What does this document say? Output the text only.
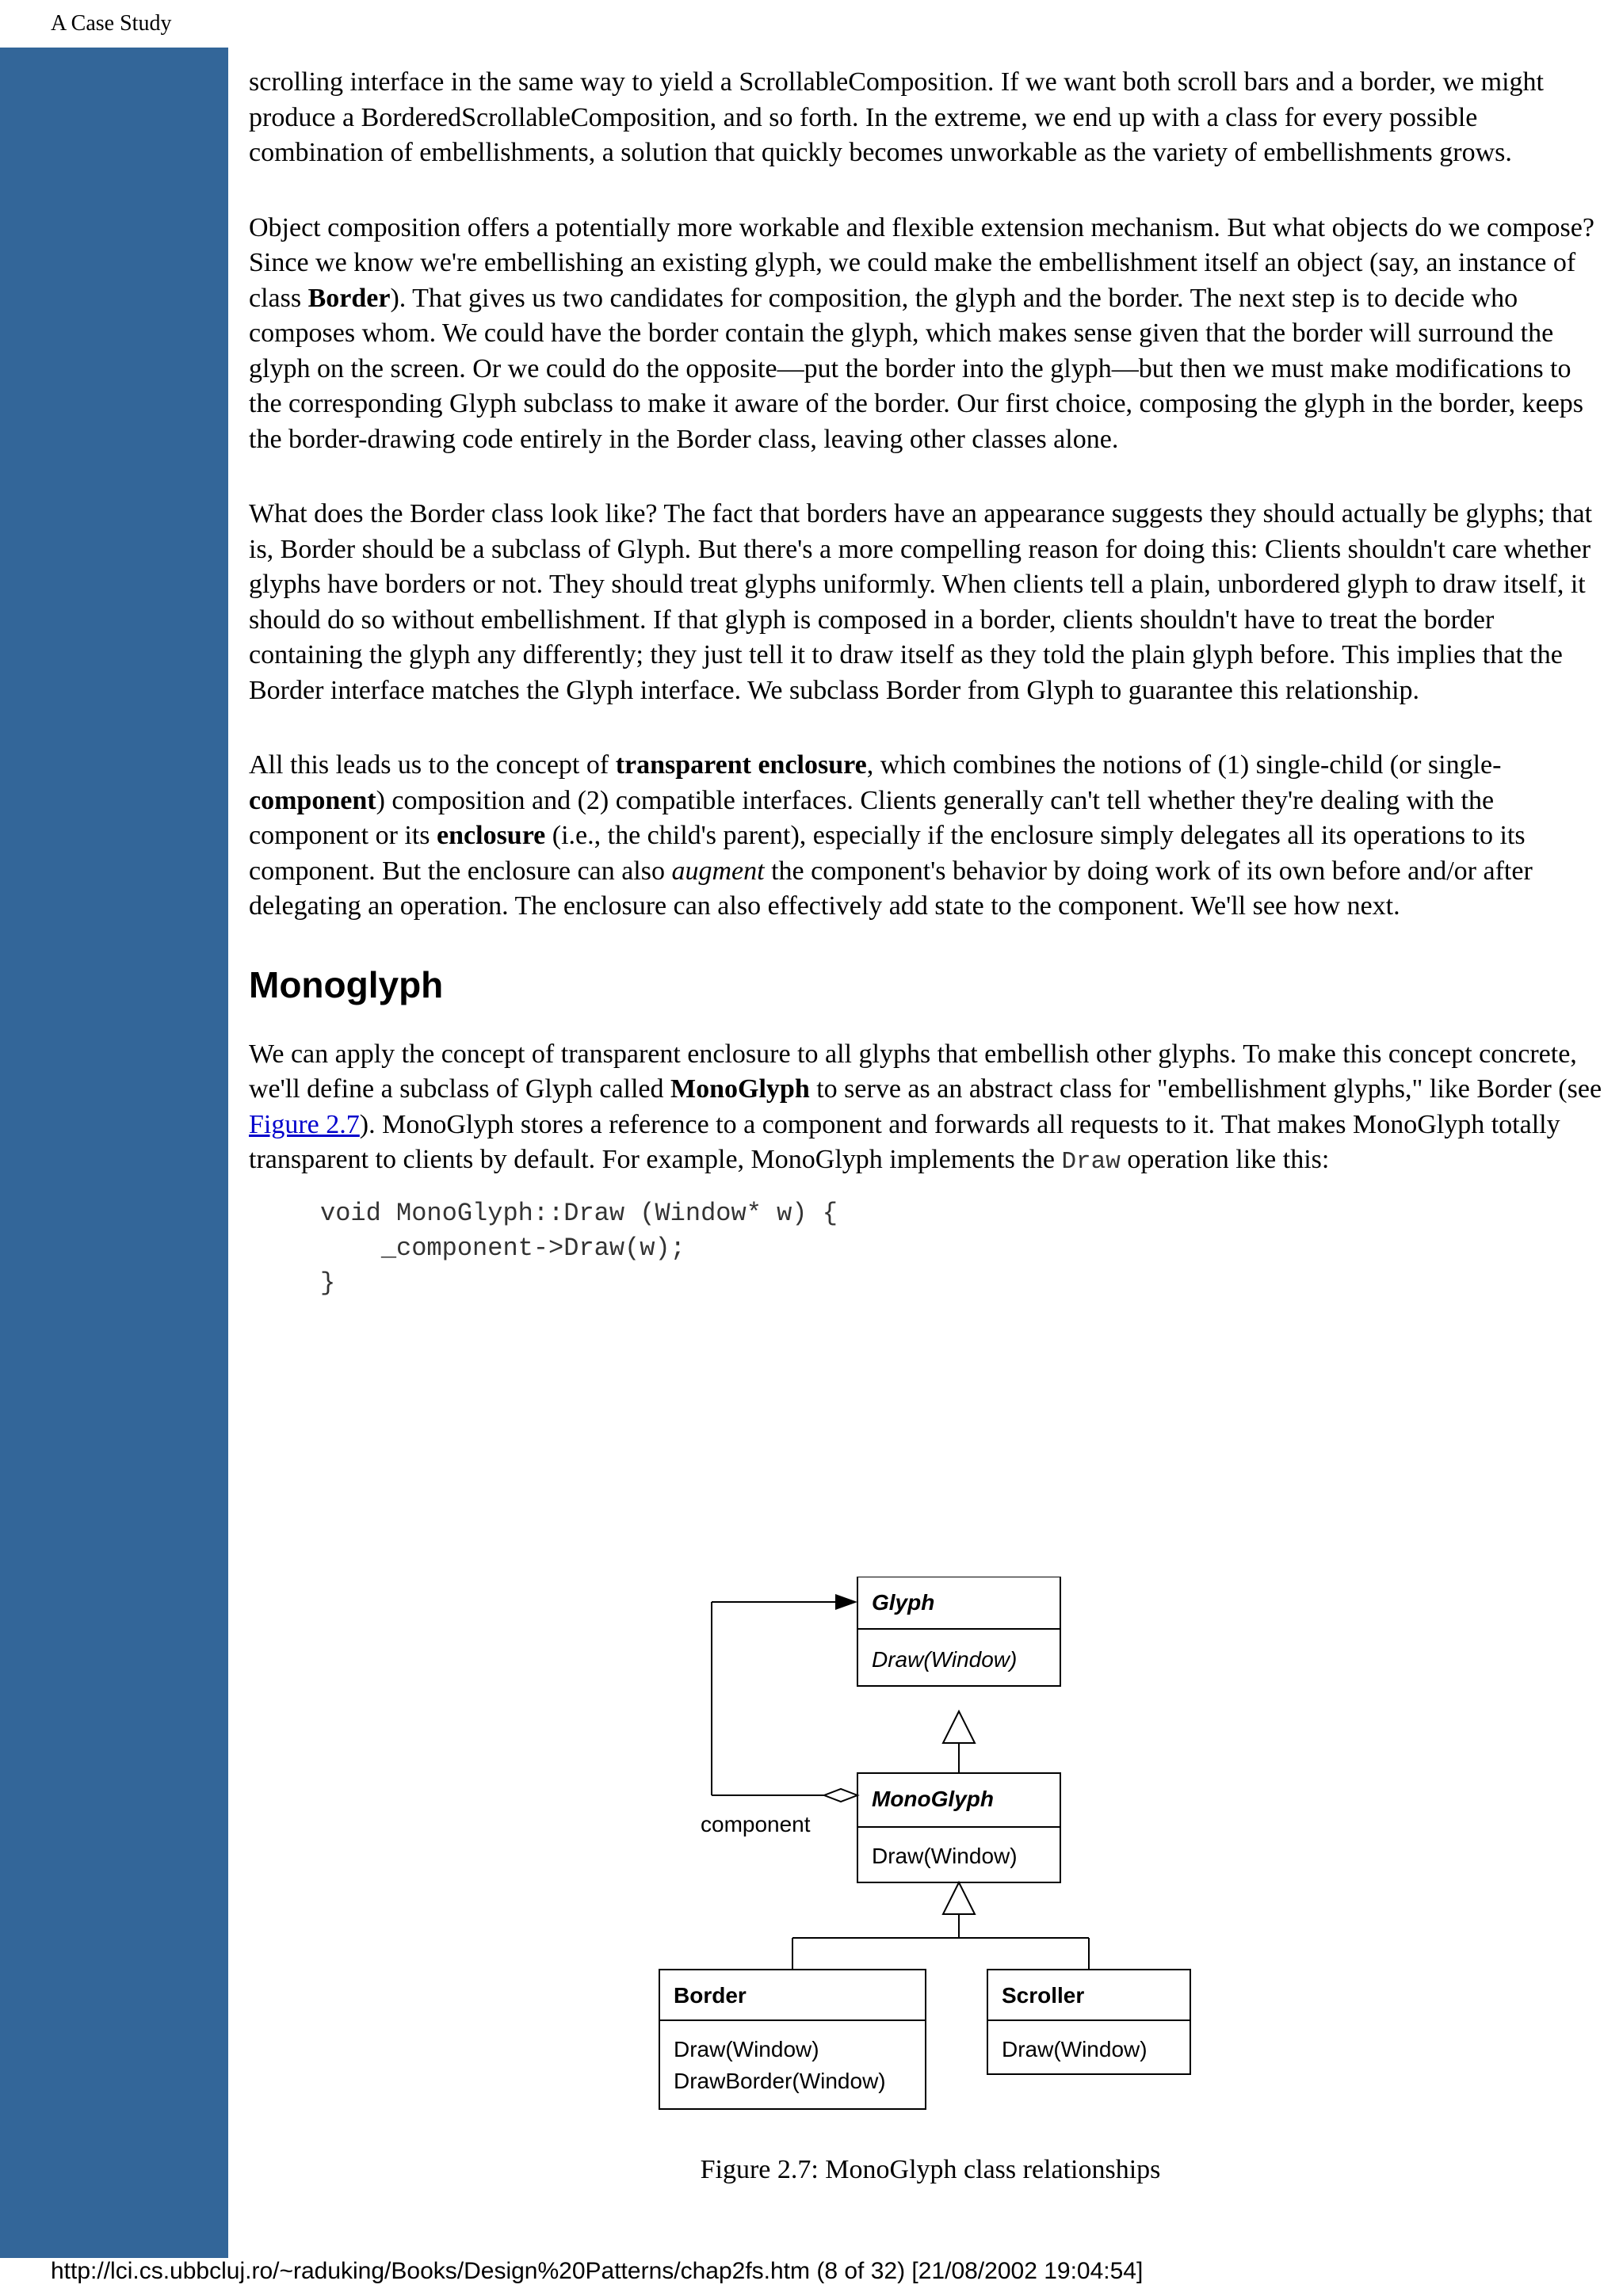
A Case Study

scrolling interface in the same way to yield a ScrollableComposition. If we want both scroll bars and a border, we might produce a BorderedScrollableComposition, and so forth. In the extreme, we end up with a class for every possible combination of embellishments, a solution that quickly becomes unworkable as the variety of embellishments grows.

Object composition offers a potentially more workable and flexible extension mechanism. But what objects do we compose? Since we know we're embellishing an existing glyph, we could make the embellishment itself an object (say, an instance of class Border). That gives us two candidates for composition, the glyph and the border. The next step is to decide who composes whom. We could have the border contain the glyph, which makes sense given that the border will surround the glyph on the screen. Or we could do the opposite—put the border into the glyph—but then we must make modifications to the corresponding Glyph subclass to make it aware of the border. Our first choice, composing the glyph in the border, keeps the border-drawing code entirely in the Border class, leaving other classes alone.

What does the Border class look like? The fact that borders have an appearance suggests they should actually be glyphs; that is, Border should be a subclass of Glyph. But there's a more compelling reason for doing this: Clients shouldn't care whether glyphs have borders or not. They should treat glyphs uniformly. When clients tell a plain, unbordered glyph to draw itself, it should do so without embellishment. If that glyph is composed in a border, clients shouldn't have to treat the border containing the glyph any differently; they just tell it to draw itself as they told the plain glyph before. This implies that the Border interface matches the Glyph interface. We subclass Border from Glyph to guarantee this relationship.

All this leads us to the concept of transparent enclosure, which combines the notions of (1) single-child (or single-component) composition and (2) compatible interfaces. Clients generally can't tell whether they're dealing with the component or its enclosure (i.e., the child's parent), especially if the enclosure simply delegates all its operations to its component. But the enclosure can also augment the component's behavior by doing work of its own before and/or after delegating an operation. The enclosure can also effectively add state to the component. We'll see how next.

Monoglyph

We can apply the concept of transparent enclosure to all glyphs that embellish other glyphs. To make this concept concrete, we'll define a subclass of Glyph called MonoGlyph to serve as an abstract class for "embellishment glyphs," like Border (see Figure 2.7). MonoGlyph stores a reference to a component and forwards all requests to it. That makes MonoGlyph totally transparent to clients by default. For example, MonoGlyph implements the Draw operation like this:

void MonoGlyph::Draw (Window* w) {
_component->Draw(w);
}
Glyph
Draw(Window)
MonoGlyph
Draw(Window)
Border
Draw(Window)
DrawBorder(Window)
Scroller
Draw(Window)
component
Figure 2.7: MonoGlyph class relationships
http://lci.cs.ubbcluj.ro/~raduking/Books/Design%20Patterns/chap2fs.htm (8 of 32) [21/08/2002 19:04:54]
